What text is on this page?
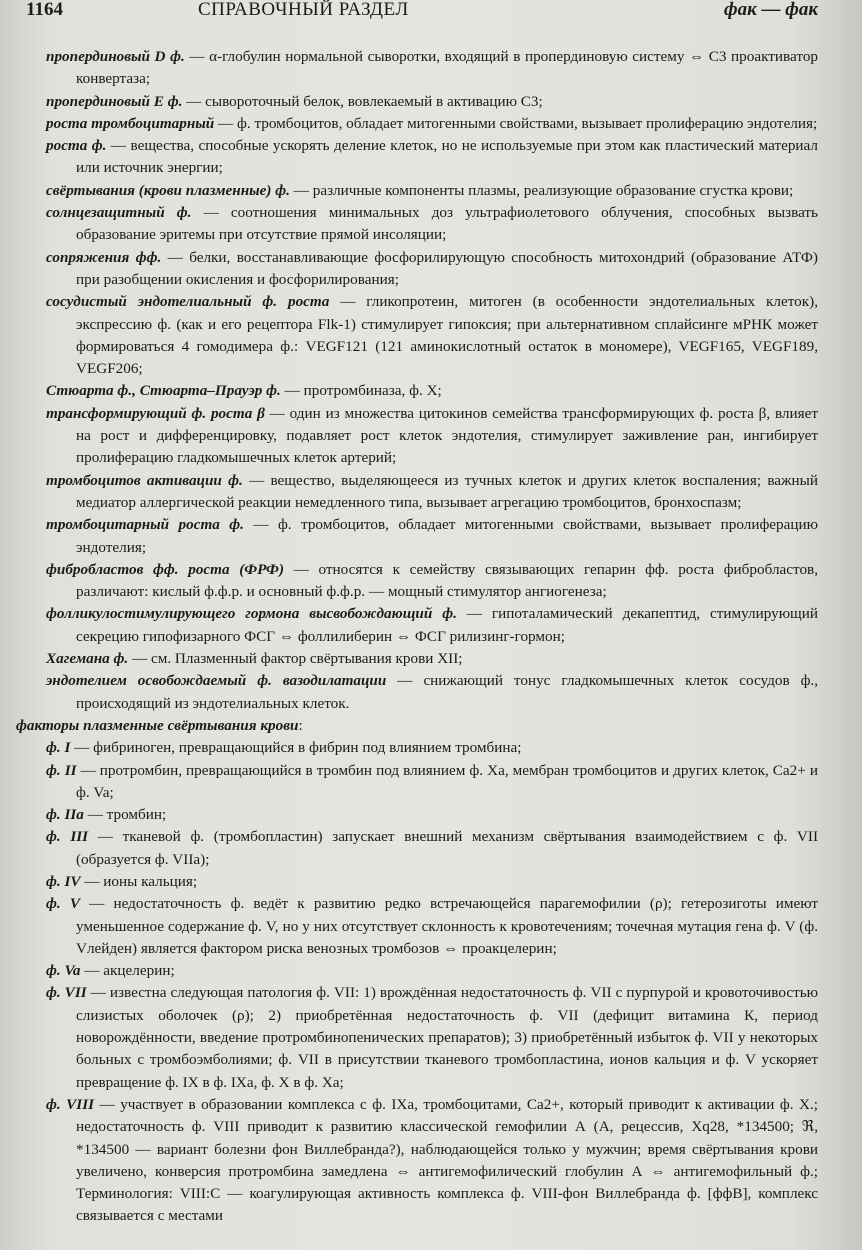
1164	СПРАВОЧНЫЙ РАЗДЕЛ	фак — фак

пропердиновый D ф. — α-глобулин нормальной сыворотки, входящий в пропердиновую систему ⇔ С3 проактиватор конвертаза;

пропердиновый Е ф. — сывороточный белок, вовлекаемый в активацию С3;

роста тромбоцитарный — ф. тромбоцитов, обладает митогенными свойствами, вызывает пролиферацию эндотелия;

роста ф. — вещества, способные ускорять деление клеток, но не используемые при этом как пластический материал или источник энергии;

свёртывания (крови плазменные) ф. — различные компоненты плазмы, реализующие образование сгустка крови;

солнцезащитный ф. — соотношения минимальных доз ультрафиолетового облучения, способных вызвать образование эритемы при отсутствие прямой инсоляции;

сопряжения фф. — белки, восстанавливающие фосфорилирующую способность митохондрий (образование АТФ) при разобщении окисления и фосфорилирования;

сосудистый эндотелиальный ф. роста — гликопротеин, митоген (в особенности эндотелиальных клеток), экспрессию ф. (как и его рецептора Flk-1) стимулирует гипоксия; при альтернативном сплайсинге мРНК может формироваться 4 гомодимера ф.: VEGF121 (121 аминокислотный остаток в мономере), VEGF165, VEGF189, VEGF206;

Стюарта ф., Стюарта–Прауэр ф. — протромбиназа, ф. X;

трансформирующий ф. роста β — один из множества цитокинов семейства трансформирующих ф. роста β, влияет на рост и дифференцировку, подавляет рост клеток эндотелия, стимулирует заживление ран, ингибирует пролиферацию гладкомышечных клеток артерий;

тромбоцитов активации ф. — вещество, выделяющееся из тучных клеток и других клеток воспаления; важный медиатор аллергической реакции немедленного типа, вызывает агрегацию тромбоцитов, бронхоспазм;

тромбоцитарный роста ф. — ф. тромбоцитов, обладает митогенными свойствами, вызывает пролиферацию эндотелия;

фибробластов фф. роста (ФРФ) — относятся к семейству связывающих гепарин фф. роста фибробластов, различают: кислый ф.ф.р. и основный ф.ф.р. — мощный стимулятор ангиогенеза;

фолликулостимулирующего гормона высвобождающий ф. — гипоталамический декапептид, стимулирующий секрецию гипофизарного ФСГ ⇔ фоллилиберин ⇔ ФСГ рилизинг-гормон;

Хагемана ф. — см. Плазменный фактор свёртывания крови XII;

эндотелием освобождаемый ф. вазодилатации — снижающий тонус гладкомышечных клеток сосудов ф., происходящий из эндотелиальных клеток.

факторы плазменные свёртывания крови:

ф. I — фибриноген, превращающийся в фибрин под влиянием тромбина;

ф. II — протромбин, превращающийся в тромбин под влиянием ф. Xa, мембран тромбоцитов и других клеток, Ca2+ и ф. Va;

ф. IIa — тромбин;

ф. III — тканевой ф. (тромбопластин) запускает внешний механизм свёртывания взаимодействием с ф. VII (образуется ф. VIIa);

ф. IV — ионы кальция;

ф. V — недостаточность ф. ведёт к развитию редко встречающейся парагемофилии (ρ); гетерозиготы имеют уменьшенное содержание ф. V, но у них отсутствует склонность к кровотечениям; точечная мутация гена ф. V (ф. Vлейден) является фактором риска венозных тромбозов ⇔ проакцелерин;

ф. Va — акцелерин;

ф. VII — известна следующая патология ф. VII: 1) врождённая недостаточность ф. VII с пурпурой и кровоточивостью слизистых оболочек (ρ); 2) приобретённая недостаточность ф. VII (дефицит витамина К, период новорождённости, введение протромбинопенических препаратов); 3) приобретённый избыток ф. VII у некоторых больных с тромбоэмболиями; ф. VII в присутствии тканевого тромбопластина, ионов кальция и ф. V ускоряет превращение ф. IX в ф. IXa, ф. X в ф. Xa;

ф. VIII — участвует в образовании комплекса с ф. IXa, тромбоцитами, Ca2+, который приводит к активации ф. X.; недостаточность ф. VIII приводит к развитию классической гемофилии А (А, рецессив, Xq28, *134500; ℜ, *134500 — вариант болезни фон Виллебранда?), наблюдающейся только у мужчин; время свёртывания крови увеличено, конверсия протромбина замедлена ⇔ антигемофилический глобулин А ⇔ антигемофильный ф.; Терминология: VIII:C — коагулирующая активность комплекса ф. VIII-фон Виллебранда ф. [ффВ], комплекс связывается с местами
